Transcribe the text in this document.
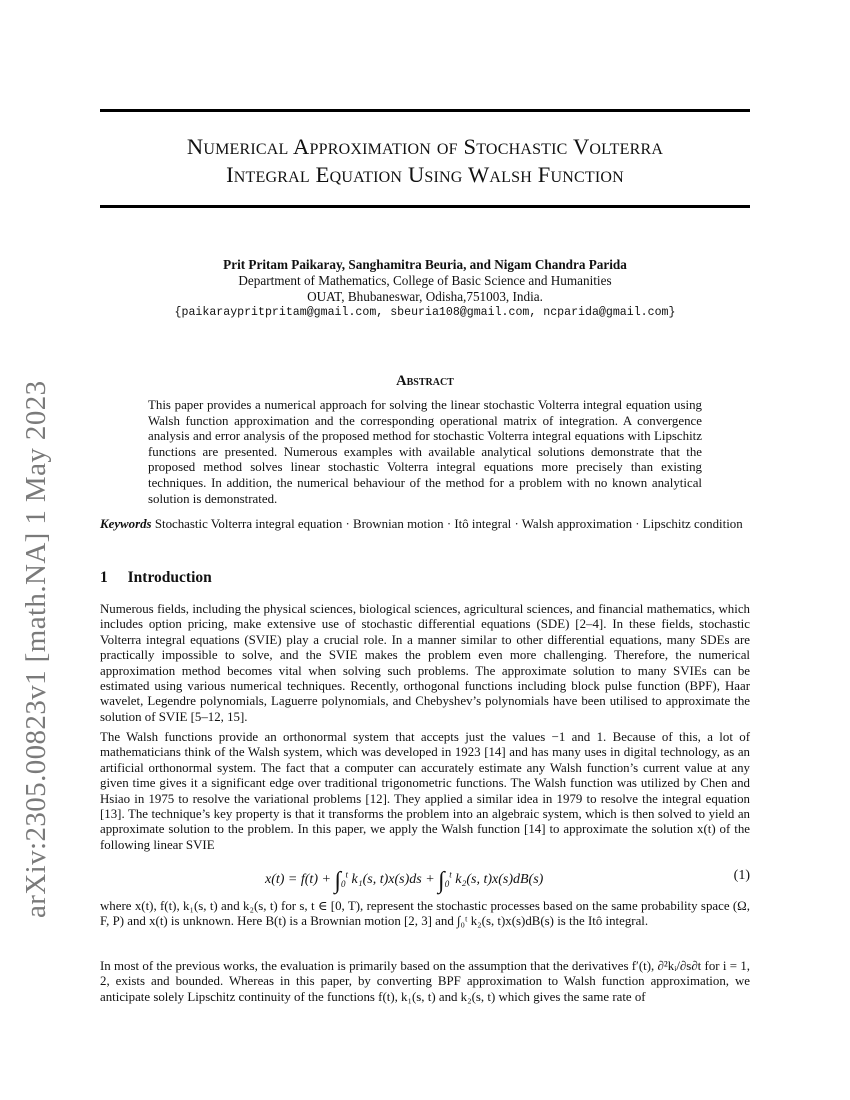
arXiv:2305.00823v1 [math.NA] 1 May 2023
Numerical Approximation of Stochastic Volterra
Integral Equation Using Walsh Function
Prit Pritam Paikaray, Sanghamitra Beuria, and Nigam Chandra Parida
Department of Mathematics, College of Basic Science and Humanities
OUAT, Bhubaneswar, Odisha,751003, India.
{paikaraypritpritam@gmail.com, sbeuria108@gmail.com, ncparida@gmail.com}
Abstract
This paper provides a numerical approach for solving the linear stochastic Volterra integral equation using Walsh function approximation and the corresponding operational matrix of integration. A convergence analysis and error analysis of the proposed method for stochastic Volterra integral equations with Lipschitz functions are presented. Numerous examples with available analytical solutions demonstrate that the proposed method solves linear stochastic Volterra integral equations more precisely than existing techniques. In addition, the numerical behaviour of the method for a problem with no known analytical solution is demonstrated.
Keywords Stochastic Volterra integral equation · Brownian motion · Itô integral · Walsh approximation · Lipschitz condition
1 Introduction
Numerous fields, including the physical sciences, biological sciences, agricultural sciences, and financial mathematics, which includes option pricing, make extensive use of stochastic differential equations (SDE) [2–4]. In these fields, stochastic Volterra integral equations (SVIE) play a crucial role. In a manner similar to other differential equations, many SDEs are practically impossible to solve, and the SVIE makes the problem even more challenging. Therefore, the numerical approximation method becomes vital when solving such problems. The approximate solution to many SVIEs can be estimated using various numerical techniques. Recently, orthogonal functions including block pulse function (BPF), Haar wavelet, Legendre polynomials, Laguerre polynomials, and Chebyshev’s polynomials have been utilised to approximate the solution of SVIE [5–12, 15].
The Walsh functions provide an orthonormal system that accepts just the values −1 and 1. Because of this, a lot of mathematicians think of the Walsh system, which was developed in 1923 [14] and has many uses in digital technology, as an artificial orthonormal system. The fact that a computer can accurately estimate any Walsh function’s current value at any given time gives it a significant edge over traditional trigonometric functions. The Walsh function was utilized by Chen and Hsiao in 1975 to resolve the variational problems [12]. They applied a similar idea in 1979 to resolve the integral equation [13]. The technique’s key property is that it transforms the problem into an algebraic system, which is then solved to yield an approximate solution to the problem. In this paper, we apply the Walsh function [14] to approximate the solution x(t) of the following linear SVIE
$x(t) = f(t) + \int_0^t$ k₁(s, $t)x(s)ds + \int_0^t$ k₂(s, t)x(s)dB(s)	(1)
where x(t), f(t), k₁(s, t) and k₂(s, t) for s, t ∈ [0, T), represent the stochastic processes based on the same probability space (Ω, F, P) and x(t) is unknown. Here B(t) is a Brownian motion [2, 3] and ∫₀ᵗ k₂(s, t)x(s)dB(s) is the Itô integral.
In most of the previous works, the evaluation is primarily based on the assumption that the derivatives f′(t), ∂²kᵢ/∂s∂t for i = 1, 2, exists and bounded. Whereas in this paper, by converting BPF approximation to Walsh function approximation, we anticipate solely Lipschitz continuity of the functions f(t), k₁(s, t) and k₂(s, t) which gives the same rate of
